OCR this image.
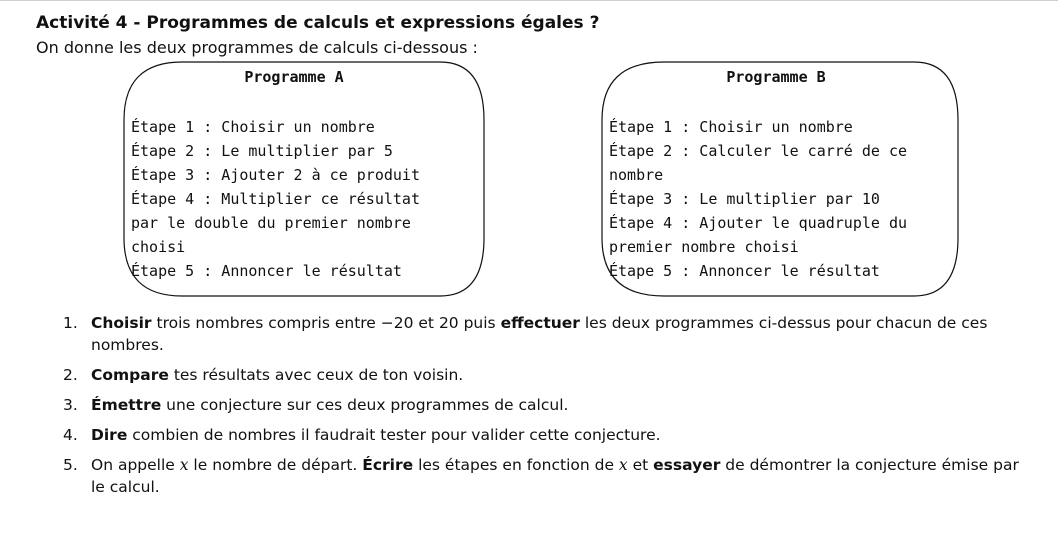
Activité 4 - Programmes de calculs et expressions égales ?
On donne les deux programmes de calculs ci-dessous :
Programme A
Étape 1 : Choisir un nombre
Étape 2 : Le multiplier par 5
Étape 3 : Ajouter 2 à ce produit
Étape 4 : Multiplier ce résultat
par le double du premier nombre
choisi
Étape 5 : Annoncer le résultat
Programme B
Étape 1 : Choisir un nombre
Étape 2 : Calculer le carré de ce
nombre
Étape 3 : Le multiplier par 10
Étape 4 : Ajouter le quadruple du
premier nombre choisi
Étape 5 : Annoncer le résultat
1. Choisir trois nombres compris entre −20 et 20 puis effectuer les deux programmes ci-dessus pour chacun de ces nombres.
2. Compare tes résultats avec ceux de ton voisin.
3. Émettre une conjecture sur ces deux programmes de calcul.
4. Dire combien de nombres il faudrait tester pour valider cette conjecture.
5. On appelle x le nombre de départ. Écrire les étapes en fonction de x et essayer de démontrer la conjecture émise par le calcul.
